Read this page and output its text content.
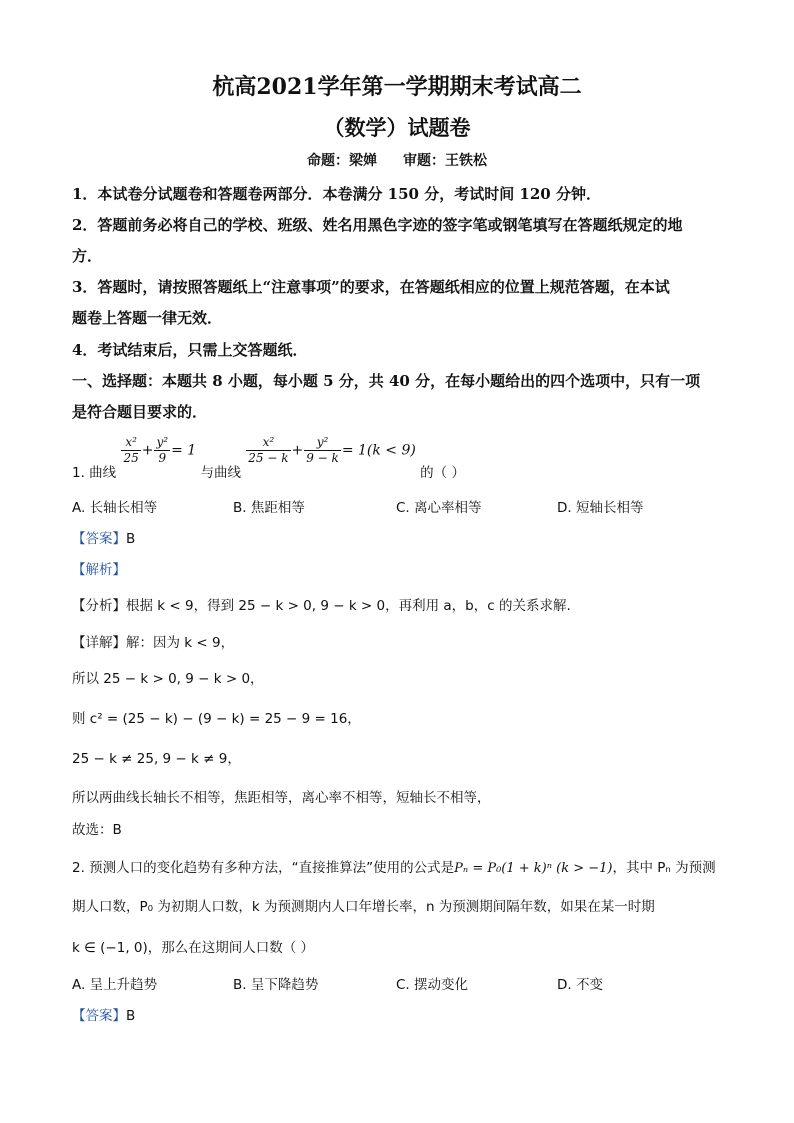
杭高2021学年第一学期期末考试高二
（数学）试题卷
命题：梁婵 审题：王铁松
1．本试卷分试题卷和答题卷两部分．本卷满分 150 分，考试时间 120 分钟．
2．答题前务必将自己的学校、班级、姓名用黑色字迹的签字笔或钢笔填写在答题纸规定的地
方．
3．答题时，请按照答题纸上“注意事项”的要求，在答题纸相应的位置上规范答题，在本试
题卷上答题一律无效．
4．考试结束后，只需上交答题纸．
一、选择题：本题共 8 小题，每小题 5 分，共 40 分，在每小题给出的四个选项中，只有一项
是符合题目要求的．
1. 曲线
$\frac{\text{x²}}{25} + \frac{\text{y²}}{9} = 1$ 与曲线
$\frac{\text{x²}}{25 - k} + \frac{\text{y²}}{9 - k} = 1(k < 9)$ 的（ ）
A. 长轴长相等	B. 焦距相等	C. 离心率相等	D. 短轴长相等
【答案】B
【解析】
【分析】根据 k < 9，得到 25 − k > 0, 9 − k > 0，再利用 a，b，c 的关系求解.
【详解】解：因为 k < 9，
所以 25 − k > 0, 9 − k > 0，
则 c² = (25 − k) − (9 − k) = 25 − 9 = 16，
25 − k ≠ 25, 9 − k ≠ 9，
所以两曲线长轴长不相等，焦距相等，离心率不相等，短轴长不相等，
故选：B
2. 预测人口的变化趋势有多种方法，“直接推算法”使用的公式是Pₙ = P₀(1 + k)ⁿ (k > −1)，其中 Pₙ 为预测
期人口数，P₀ 为初期人口数，k 为预测期内人口年增长率，n 为预测期间隔年数，如果在某一时期
k ∈ (−1, 0)，那么在这期间人口数（ ）
A. 呈上升趋势	B. 呈下降趋势	C. 摆动变化	D. 不变
【答案】B
